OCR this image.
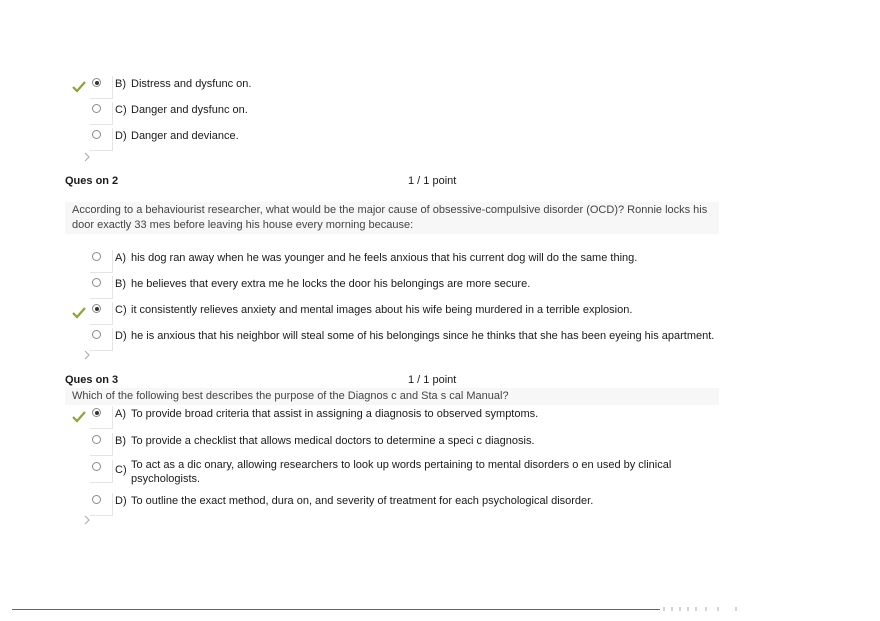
B) Distress and dysfunc on.
C) Danger and dysfunc on.
D) Danger and deviance.
Ques on 2	1 / 1 point
According to a behaviourist researcher, what would be the major cause of obsessive-compulsive disorder (OCD)? Ronnie locks his door exactly 33 mes before leaving his house every morning because:
A) his dog ran away when he was younger and he feels anxious that his current dog will do the same thing.
B) he believes that every extra me he locks the door his belongings are more secure.
C) it consistently relieves anxiety and mental images about his wife being murdered in a terrible explosion.
D) he is anxious that his neighbor will steal some of his belongings since he thinks that she has been eyeing his apartment.
Ques on 3	1 / 1 point
Which of the following best describes the purpose of the Diagnos c and Sta s cal Manual?
A) To provide broad criteria that assist in assigning a diagnosis to observed symptoms.
B) To provide a checklist that allows medical doctors to determine a speci c diagnosis.
C) To act as a dic onary, allowing researchers to look up words pertaining to mental disorders o en used by clinical psychologists.
D) To outline the exact method, dura on, and severity of treatment for each psychological disorder.
